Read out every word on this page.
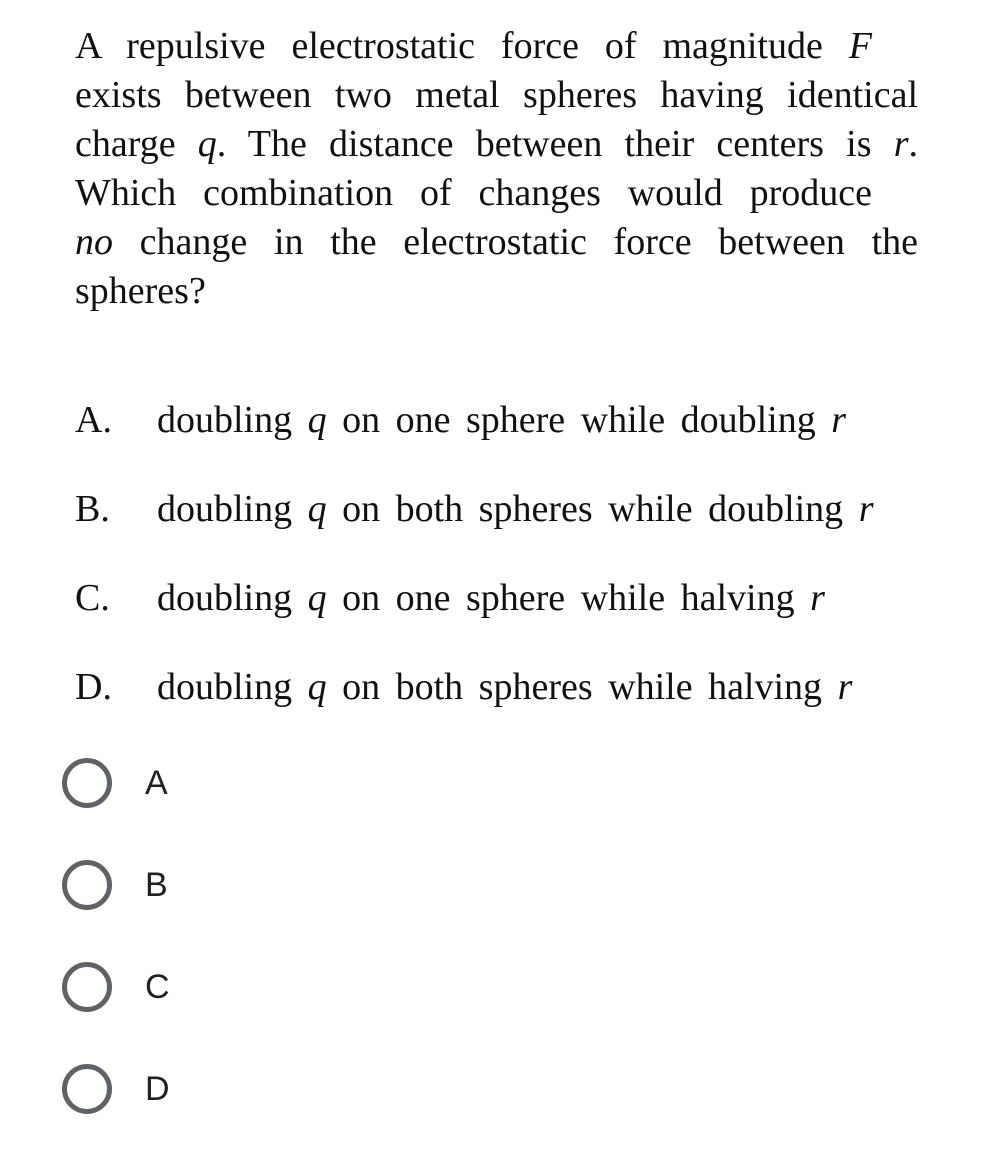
A repulsive electrostatic force of magnitude F
exists between two metal spheres having identical
charge q. The distance between their centers is r.
Which combination of changes would produce
no change in the electrostatic force between the
spheres?
A. doubling q on one sphere while doubling r
B. doubling q on both spheres while doubling r
C. doubling q on one sphere while halving r
D. doubling q on both spheres while halving r
A
B
C
D
